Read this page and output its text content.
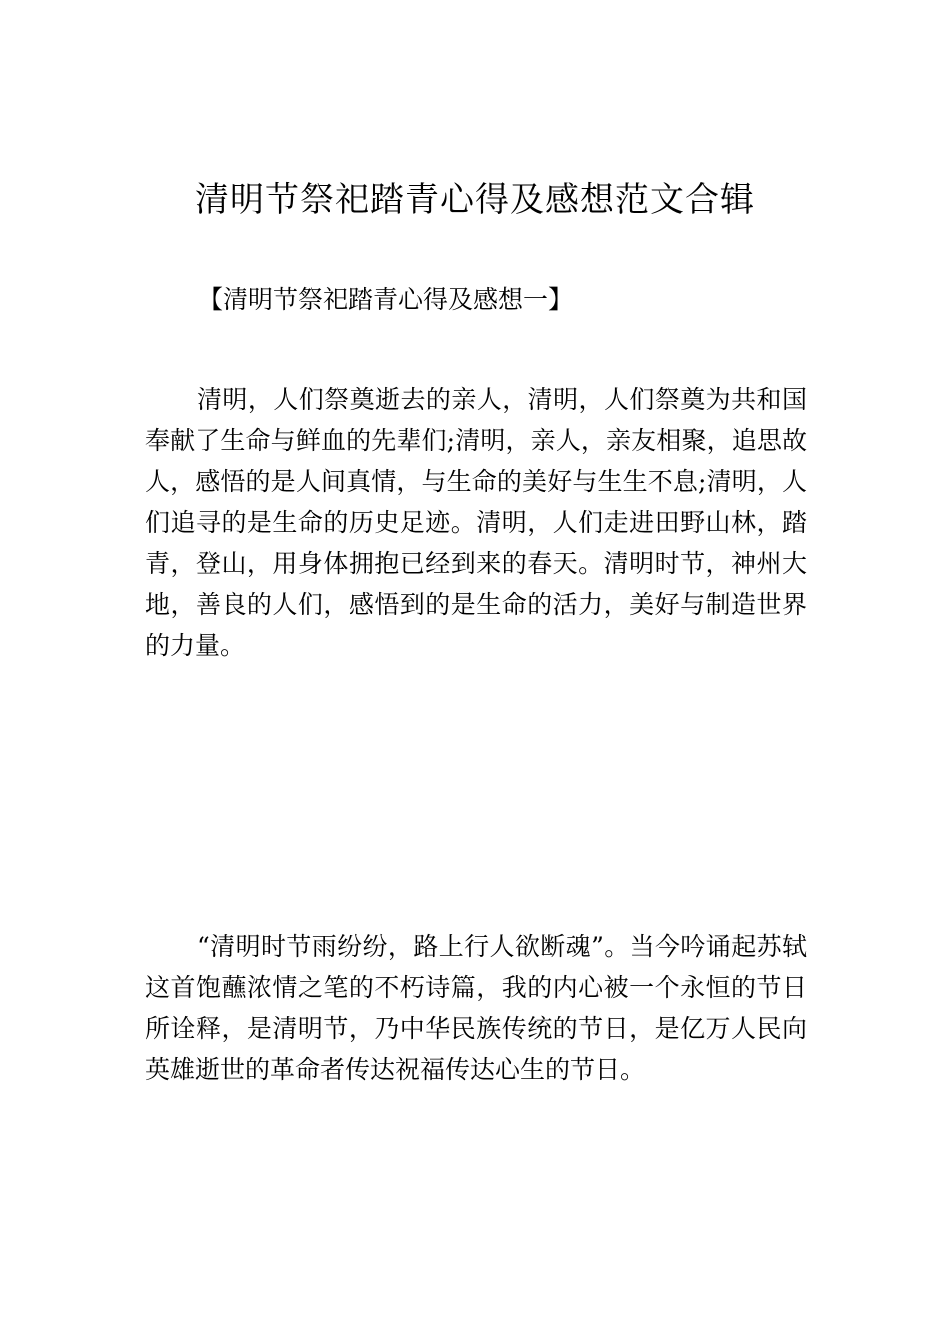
清明节祭祀踏青心得及感想范文合辑

【清明节祭祀踏青心得及感想一】

清明，人们祭奠逝去的亲人，清明，人们祭奠为共和国奉献了生命与鲜血的先辈们;清明，亲人，亲友相聚，追思故人，感悟的是人间真情，与生命的美好与生生不息;清明，人们追寻的是生命的历史足迹。清明，人们走进田野山林，踏青，登山，用身体拥抱已经到来的春天。清明时节，神州大地，善良的人们，感悟到的是生命的活力，美好与制造世界的力量。

“清明时节雨纷纷，路上行人欲断魂”。当今吟诵起苏轼这首饱蘸浓情之笔的不朽诗篇，我的内心被一个永恒的节日所诠释，是清明节，乃中华民族传统的节日，是亿万人民向英雄逝世的革命者传达祝福传达心生的节日。
